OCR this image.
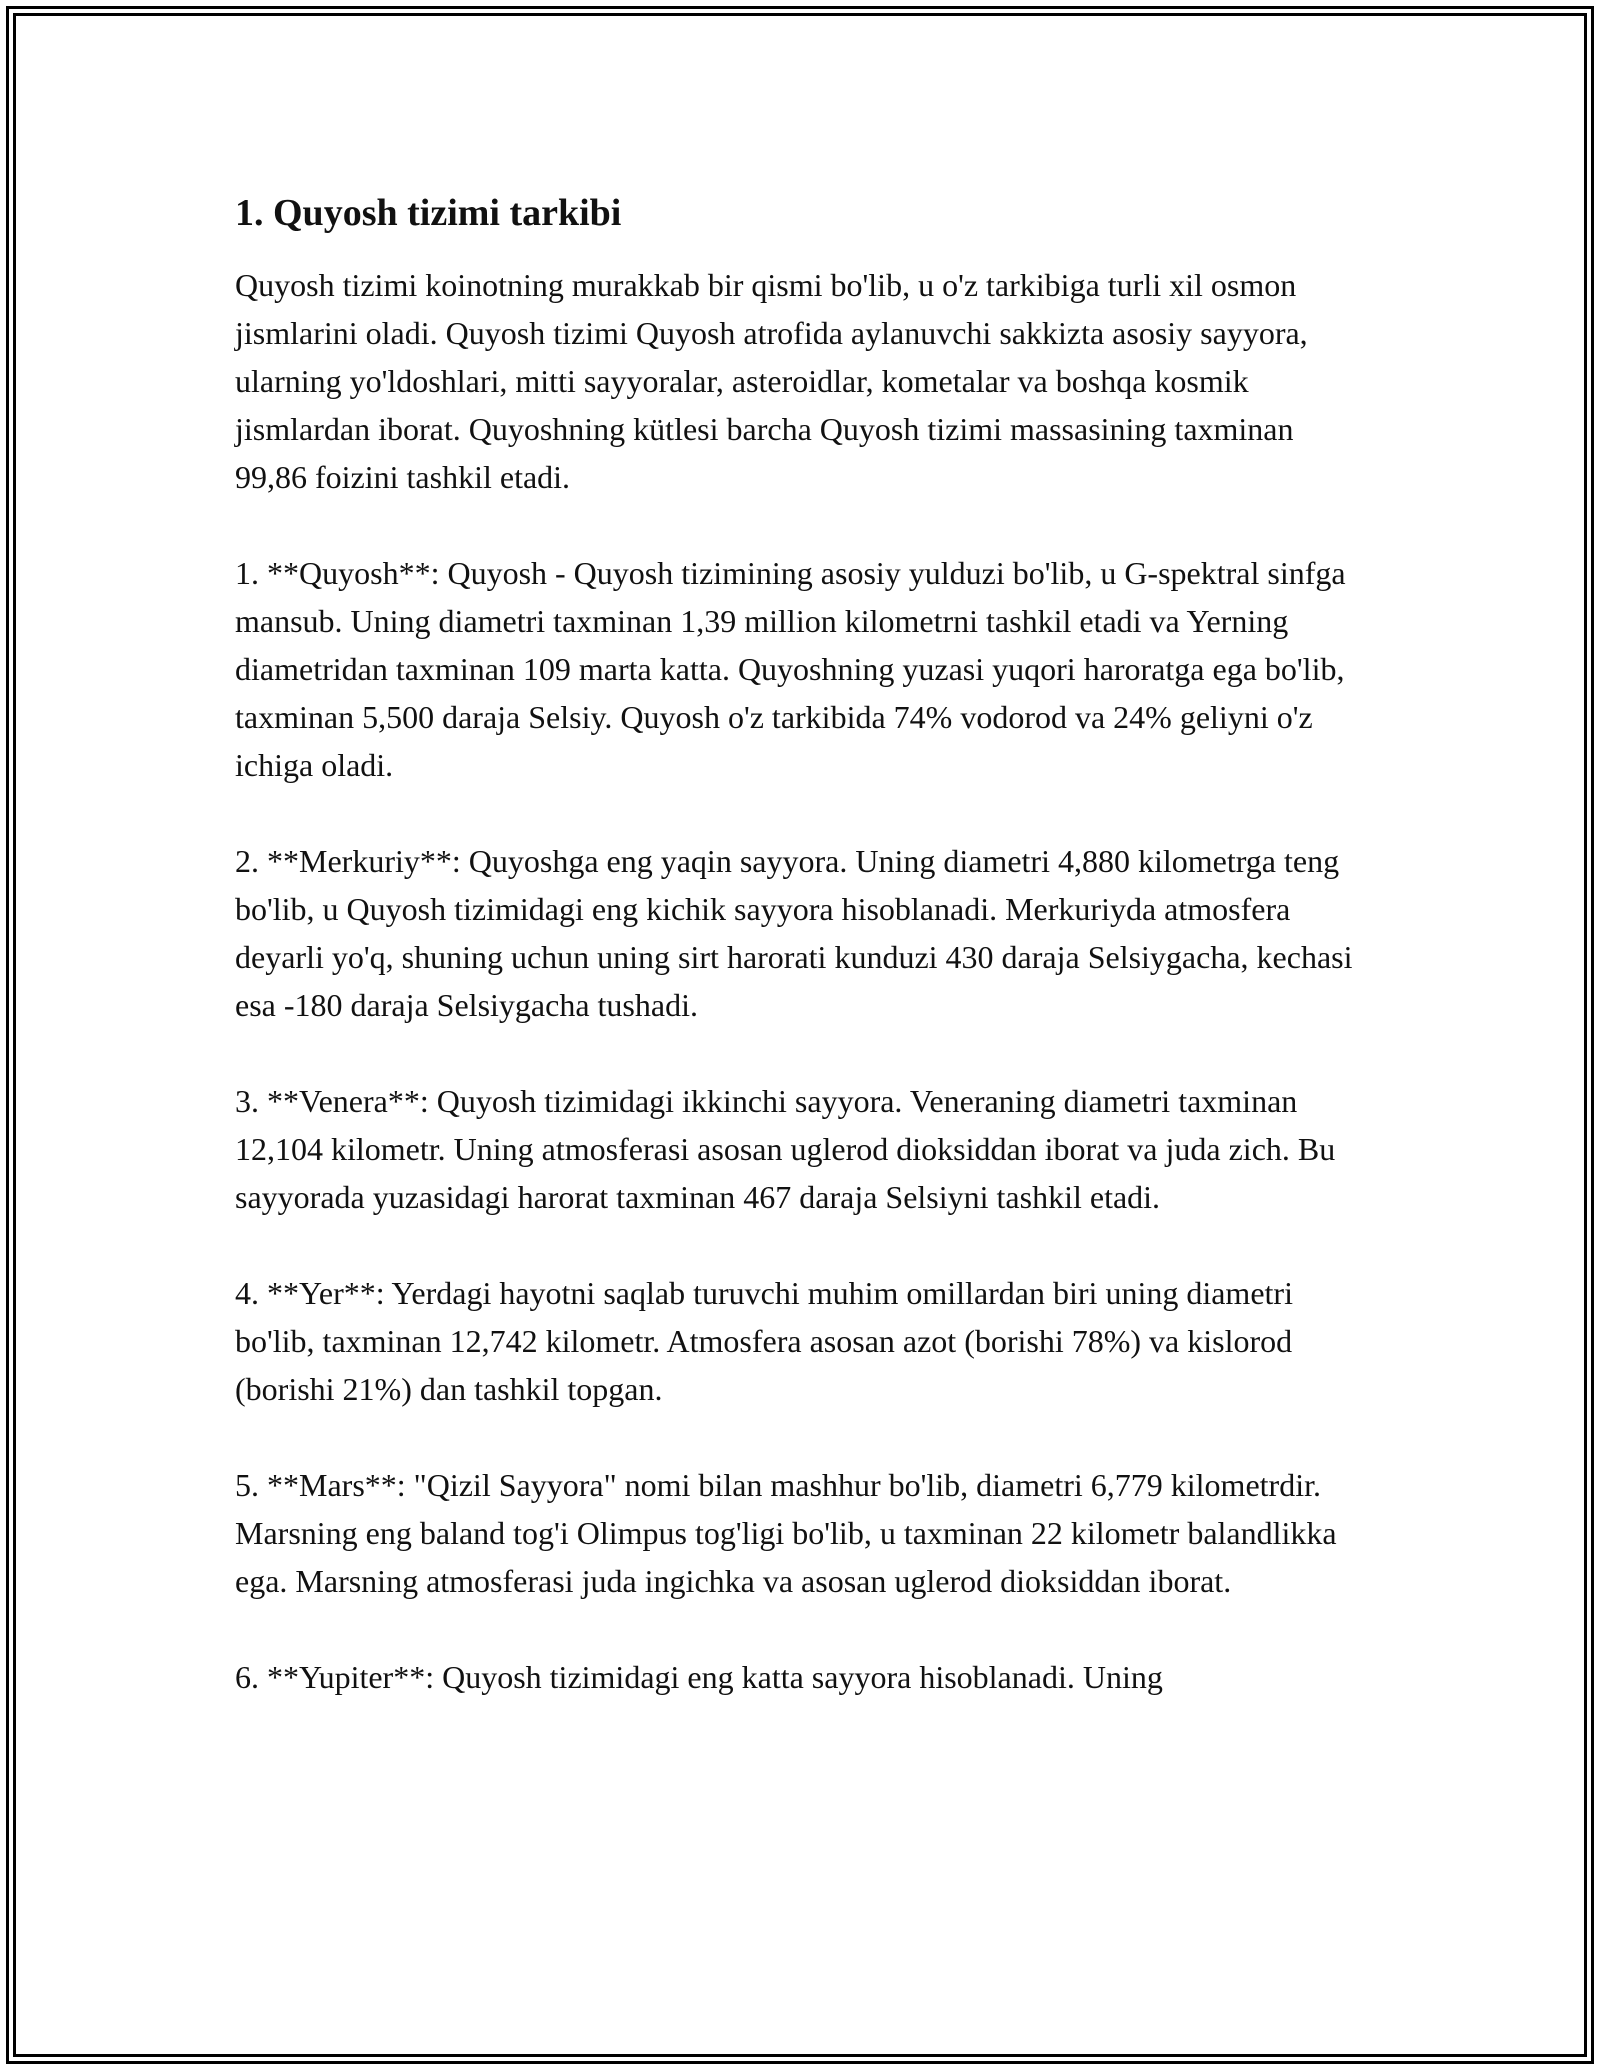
1. Quyosh tizimi tarkibi

Quyosh tizimi koinotning murakkab bir qismi bo'lib, u o'z tarkibiga turli xil osmon jismlarini oladi. Quyosh tizimi Quyosh atrofida aylanuvchi sakkizta asosiy sayyora, ularning yo'ldoshlari, mitti sayyoralar, asteroidlar, kometalar va boshqa kosmik jismlardan iborat. Quyoshning kütlesi barcha Quyosh tizimi massasining taxminan 99,86 foizini tashkil etadi.

1. **Quyosh**: Quyosh - Quyosh tizimining asosiy yulduzi bo'lib, u G-spektral sinfga mansub. Uning diametri taxminan 1,39 million kilometrni tashkil etadi va Yerning diametridan taxminan 109 marta katta. Quyoshning yuzasi yuqori haroratga ega bo'lib, taxminan 5,500 daraja Selsiy. Quyosh o'z tarkibida 74% vodorod va 24% geliyni o'z ichiga oladi.

2. **Merkuriy**: Quyoshga eng yaqin sayyora. Uning diametri 4,880 kilometrga teng bo'lib, u Quyosh tizimidagi eng kichik sayyora hisoblanadi. Merkuriyda atmosfera deyarli yo'q, shuning uchun uning sirt harorati kunduzi 430 daraja Selsiygacha, kechasi esa -180 daraja Selsiygacha tushadi.

3. **Venera**: Quyosh tizimidagi ikkinchi sayyora. Veneraning diametri taxminan 12,104 kilometr. Uning atmosferasi asosan uglerod dioksiddan iborat va juda zich. Bu sayyorada yuzasidagi harorat taxminan 467 daraja Selsiyni tashkil etadi.

4. **Yer**: Yerdagi hayotni saqlab turuvchi muhim omillardan biri uning diametri bo'lib, taxminan 12,742 kilometr. Atmosfera asosan azot (borishi 78%) va kislorod (borishi 21%) dan tashkil topgan.

5. **Mars**: "Qizil Sayyora" nomi bilan mashhur bo'lib, diametri 6,779 kilometrdir. Marsning eng baland tog'i Olimpus tog'ligi bo'lib, u taxminan 22 kilometr balandlikka ega. Marsning atmosferasi juda ingichka va asosan uglerod dioksiddan iborat.

6. **Yupiter**: Quyosh tizimidagi eng katta sayyora hisoblanadi. Uning
